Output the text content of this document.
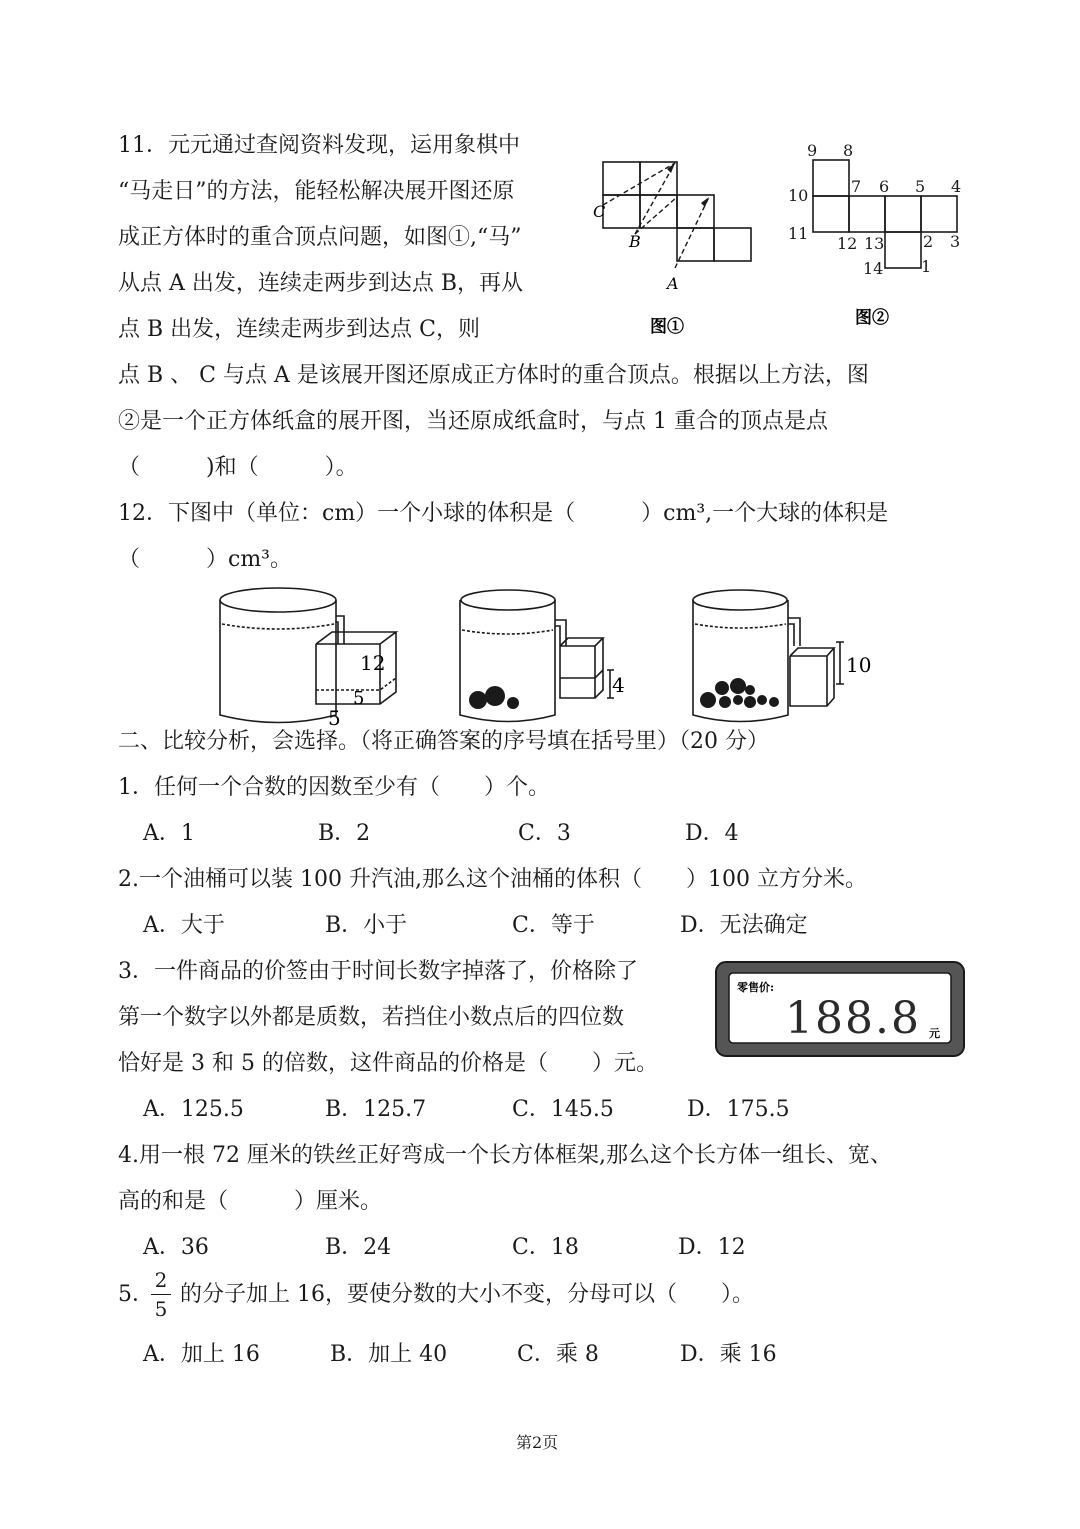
11．元元通过查阅资料发现，运用象棋中
“马走日”的方法，能轻松解决展开图还原
成正方体时的重合顶点问题，如图①,“马”
从点 A 出发，连续走两步到达点 B，再从
点 B 出发，连续走两步到达点 C，则
点 B 、 C 与点 A 是该展开图还原成正方体时的重合顶点。根据以上方法，图
②是一个正方体纸盒的展开图，当还原成纸盒时，与点 1 重合的顶点是点
（　　　)和（　　　）。
C
B
A
图①
9 8
7 6 5 4
10
11
12 13 2 3
14 1
图②
12．下图中（单位：cm）一个小球的体积是（　　　）cm³,一个大球的体积是
（　　　）cm³。
12
5
5
4
10
二、比较分析，会选择。（将正确答案的序号填在括号里）（20 分）
1．任何一个合数的因数至少有（　　）个。
A．1	B．2	C．3	D．4
2.一个油桶可以装 100 升汽油,那么这个油桶的体积（　　）100 立方分米。
A．大于	B．小于	C．等于	D．无法确定
3．一件商品的价签由于时间长数字掉落了，价格除了
第一个数字以外都是质数，若挡住小数点后的四位数
恰好是 3 和 5 的倍数，这件商品的价格是（　　）元。
零售价:
188.8 元
A．125.5	B．125.7	C．145.5	D．175.5
4.用一根 72 厘米的铁丝正好弯成一个长方体框架,那么这个长方体一组长、宽、
高的和是（　　　）厘米。
A．36	B．24	C．18	D．12
5．
2
5
的分子加上 16，要使分数的大小不变，分母可以（　　）。
A．加上 16	B．加上 40	C．乘 8	D．乘 16
第2页
